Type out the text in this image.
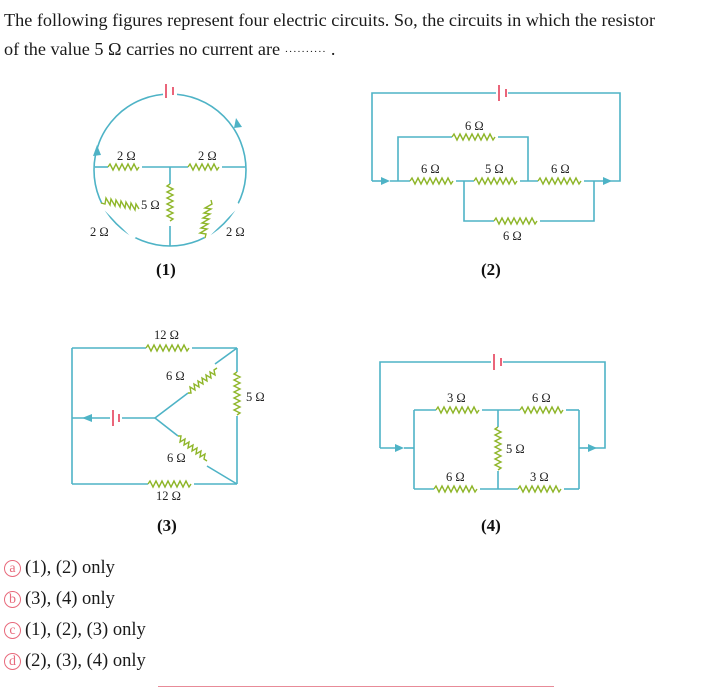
The following figures represent four electric circuits. So, the circuits in which the resistor
of the value 5 Ω carries no current are ·········· .
2 Ω	2 Ω
5 Ω
2 Ω	2 Ω
(1)
6 Ω
6 Ω	5 Ω	6 Ω
6 Ω
(2)
12 Ω
6 Ω
5 Ω
6 Ω
12 Ω
(3)
3 Ω	6 Ω
5 Ω
6 Ω	3 Ω
(4)
a (1), (2) only
b (3), (4) only
c (1), (2), (3) only
d (2), (3), (4) only
